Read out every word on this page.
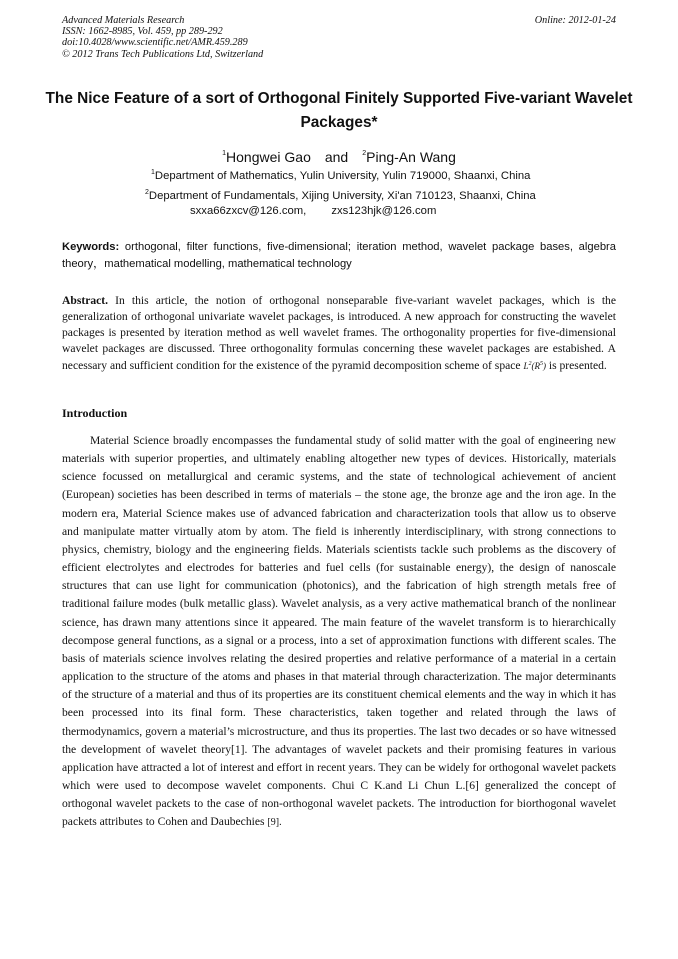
Advanced Materials Research
ISSN: 1662-8985, Vol. 459, pp 289-292
doi:10.4028/www.scientific.net/AMR.459.289
© 2012 Trans Tech Publications Ltd, Switzerland
Online: 2012-01-24
The Nice Feature of a sort of Orthogonal Finitely Supported Five-variant Wavelet Packages*
$^1$Hongwei Gao and $^2$Ping-An Wang
$^1$Department of Mathematics, Yulin University, Yulin 719000, Shaanxi, China
$^2$Department of Fundamentals, Xijing University, Xi'an 710123, Shaanxi, China
sxxa66zxcv@126.com, zxs123hjk@126.com
Keywords: orthogonal, filter functions, five-dimensional; iteration method, wavelet package bases, algebra theory，mathematical modelling, mathematical technology
Abstract. In this article, the notion of orthogonal nonseparable five-variant wavelet packages, which is the generalization of orthogonal univariate wavelet packages, is introduced. A new approach for constructing the wavelet packages is presented by iteration method as well wavelet frames. The orthogonality properties for five-dimensional wavelet packages are discussed. Three orthogonality formulas concerning these wavelet packages are estabished. A necessary and sufficient condition for the existence of the pyramid decomposition scheme of space $L^2(R^5)$ is presented.
Introduction
Material Science broadly encompasses the fundamental study of solid matter with the goal of engineering new materials with superior properties, and ultimately enabling altogether new types of devices. Historically, materials science focussed on metallurgical and ceramic systems, and the state of technological achievement of ancient (European) societies has been described in terms of materials – the stone age, the bronze age and the iron age. In the modern era, Material Science makes use of advanced fabrication and characterization tools that allow us to observe and manipulate matter virtually atom by atom. The field is inherently interdisciplinary, with strong connections to physics, chemistry, biology and the engineering fields. Materials scientists tackle such problems as the discovery of efficient electrolytes and electrodes for batteries and fuel cells (for sustainable energy), the design of nanoscale structures that can use light for communication (photonics), and the fabrication of high strength metals free of traditional failure modes (bulk metallic glass). Wavelet analysis, as a very active mathematical branch of the nonlinear science, has drawn many attentions since it appeared. The main feature of the wavelet transform is to hierarchically decompose general functions, as a signal or a process, into a set of approximation functions with different scales. The basis of materials science involves relating the desired properties and relative performance of a material in a certain application to the structure of the atoms and phases in that material through characterization. The major determinants of the structure of a material and thus of its properties are its constituent chemical elements and the way in which it has been processed into its final form. These characteristics, taken together and related through the laws of thermodynamics, govern a material’s microstructure, and thus its properties. The last two decades or so have witnessed the development of wavelet theory[1]. The advantages of wavelet packets and their promising features in various application have attracted a lot of interest and effort in recent years. They can be widely for orthogonal wavelet packets which were used to decompose wavelet components. Chui C K.and Li Chun L.[6] generalized the concept of orthogonal wavelet packets to the case of non-orthogonal wavelet packets. The introduction for biorthogonal wavelet packets attributes to Cohen and Daubechies [9].
